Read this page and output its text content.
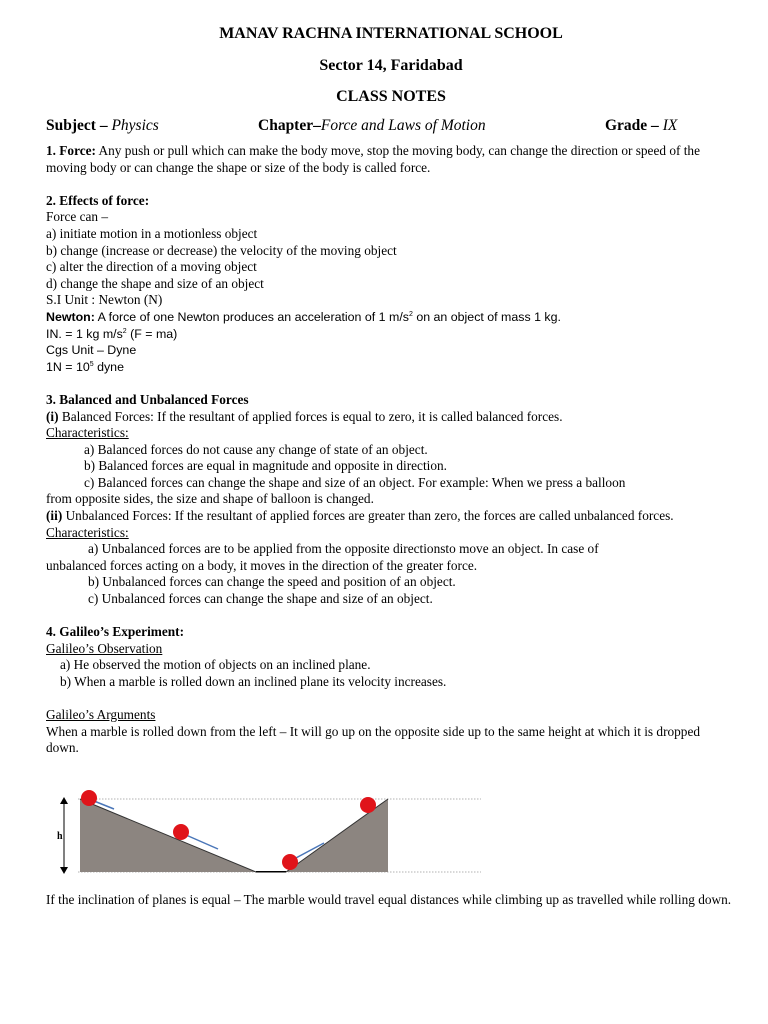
MANAV RACHNA INTERNATIONAL SCHOOL
Sector 14, Faridabad
CLASS NOTES
Subject – Physics	Chapter–Force and Laws of Motion	Grade – IX

1. Force: Any push or pull which can make the body move, stop the moving body, can change the direction or speed of the moving body or can change the shape or size of the body is called force.

2. Effects of force:
Force can –
a) initiate motion in a motionless object
b) change (increase or decrease) the velocity of the moving object
c) alter the direction of a moving object
d) change the shape and size of an object
S.I Unit : Newton (N)
Newton: A force of one Newton produces an acceleration of 1 $m/s^2$ on an object of mass 1 kg.
IN. = 1 kg $m/s^2$ (F = ma)
Cgs Unit – Dyne
$1N = 10^5$ dyne
3. Balanced and Unbalanced Forces
(i) Balanced Forces: If the resultant of applied forces is equal to zero, it is called balanced forces.
Characteristics:
a) Balanced forces do not cause any change of state of an object.
b) Balanced forces are equal in magnitude and opposite in direction.
c) Balanced forces can change the shape and size of an object. For example: When we press a balloon
from opposite sides, the size and shape of balloon is changed.
(ii) Unbalanced Forces: If the resultant of applied forces are greater than zero, the forces are called unbalanced forces.
Characteristics:
a) Unbalanced forces are to be applied from the opposite directionsto move an object. In case of
unbalanced forces acting on a body, it moves in the direction of the greater force.
b) Unbalanced forces can change the speed and position of an object.
c) Unbalanced forces can change the shape and size of an object.
4. Galileo’s Experiment:
Galileo’s Observation
a) He observed the motion of objects on an inclined plane.
b) When a marble is rolled down an inclined plane its velocity increases.
Galileo’s Arguments
When a marble is rolled down from the left – It will go up on the opposite side up to the same height at which it is dropped down.
h
If the inclination of planes is equal – The marble would travel equal distances while climbing up as travelled while rolling down.
